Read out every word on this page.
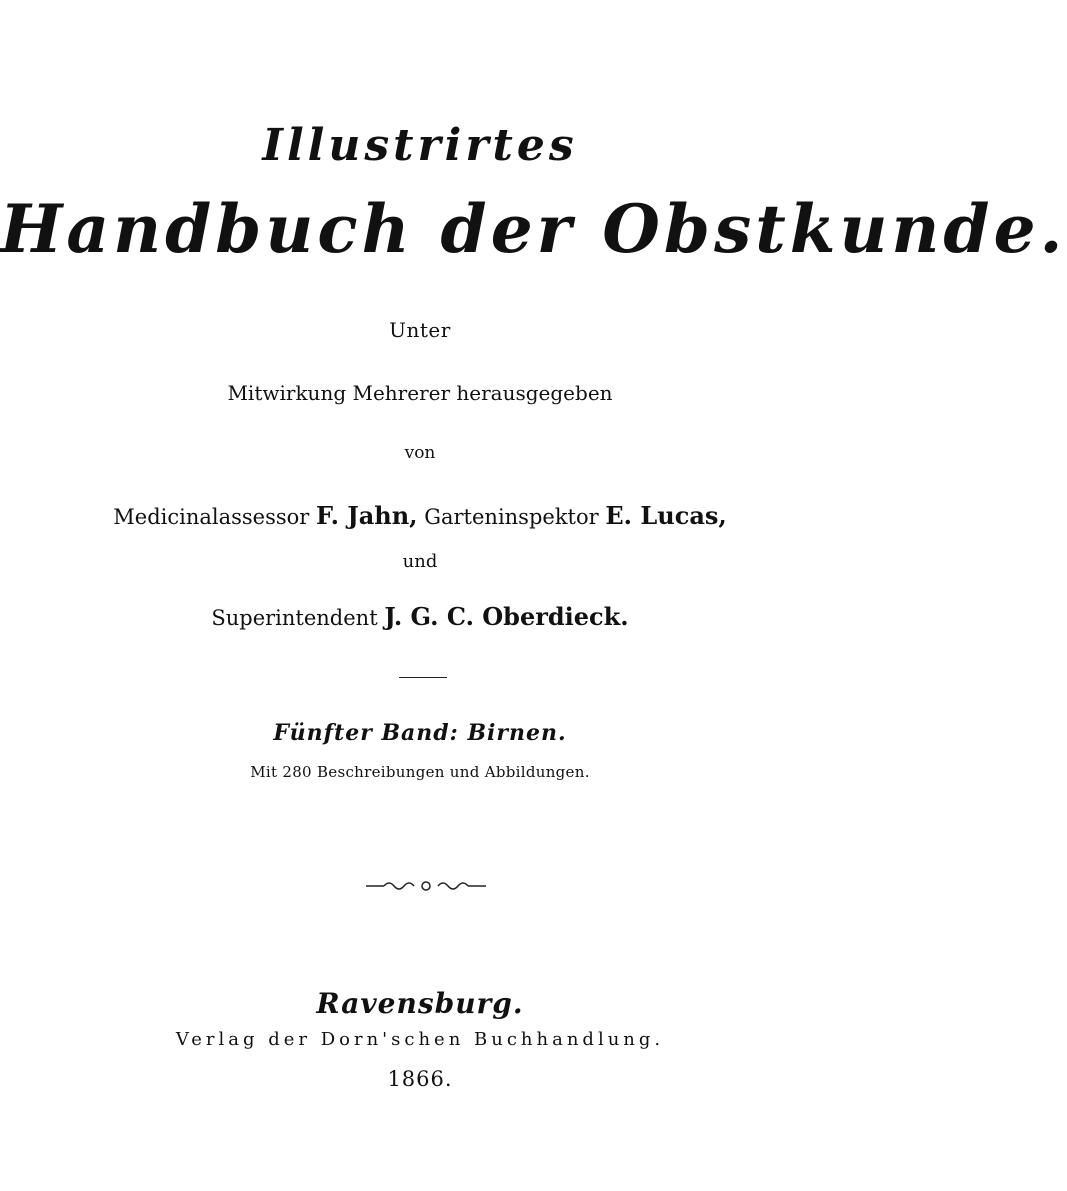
Illustrirtes
Handbuch der Obstkunde.
Unter
Mitwirkung Mehrerer herausgegeben
von
Medicinalassessor F. Jahn, Garteninspektor E. Lucas,
und
Superintendent J. G. C. Oberdieck.
Fünfter Band: Birnen.
Mit 280 Beschreibungen und Abbildungen.
Ravensburg.
Verlag der Dorn'schen Buchhandlung.
1866.
